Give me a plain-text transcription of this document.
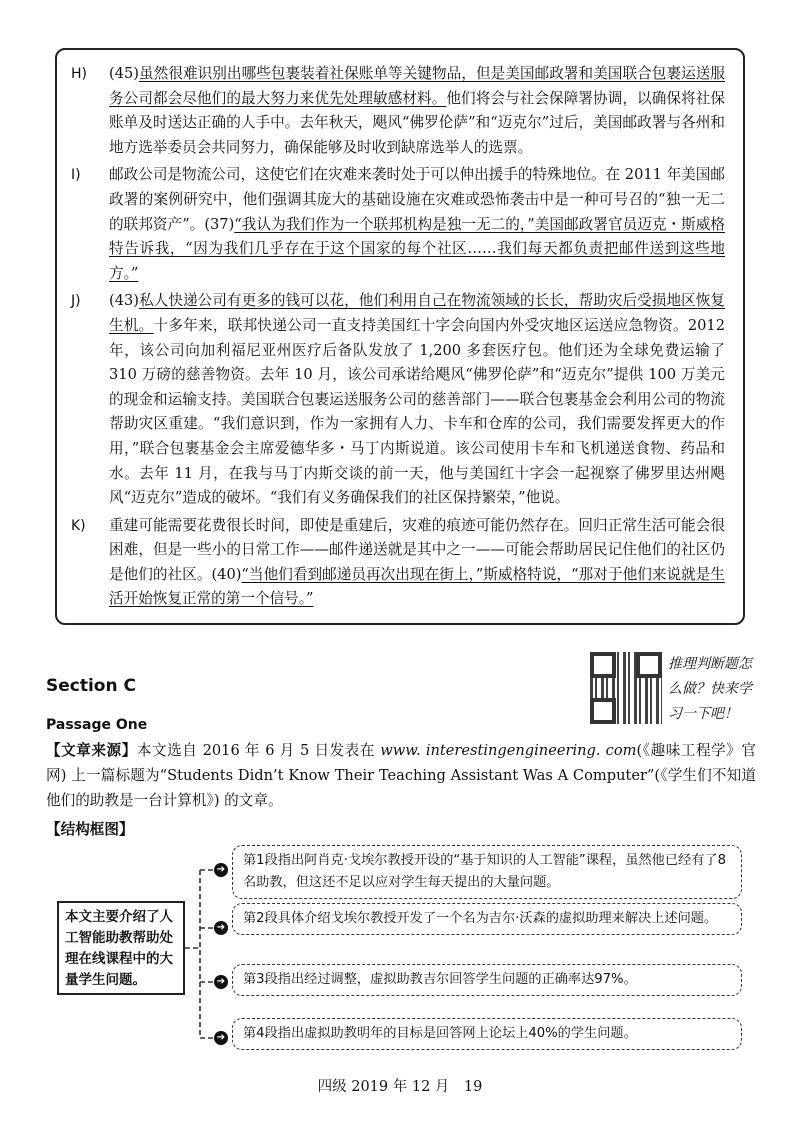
H)	(45)虽然很难识别出哪些包裹装着社保账单等关键物品，但是美国邮政署和美国联合包裹运送服务公司都会尽他们的最大努力来优先处理敏感材料。他们将会与社会保障署协调，以确保将社保账单及时送达正确的人手中。去年秋天，飓风“佛罗伦萨”和“迈克尔”过后，美国邮政署与各州和地方选举委员会共同努力，确保能够及时收到缺席选举人的选票。
I)	邮政公司是物流公司，这使它们在灾难来袭时处于可以伸出援手的特殊地位。在 2011 年美国邮政署的案例研究中，他们强调其庞大的基础设施在灾难或恐怖袭击中是一种可号召的“独一无二的联邦资产”。(37)“我认为我们作为一个联邦机构是独一无二的，”美国邮政署官员迈克・斯威格特告诉我，“因为我们几乎存在于这个国家的每个社区……我们每天都负责把邮件送到这些地方。”
J)	(43)私人快递公司有更多的钱可以花，他们利用自己在物流领域的长长，帮助灾后受损地区恢复生机。十多年来，联邦快递公司一直支持美国红十字会向国内外受灾地区运送应急物资。2012 年，该公司向加利福尼亚州医疗后备队发放了 1,200 多套医疗包。他们还为全球免费运输了 310 万磅的慈善物资。去年 10 月，该公司承诺给飓风“佛罗伦萨”和“迈克尔”提供 100 万美元的现金和运输支持。美国联合包裹运送服务公司的慈善部门——联合包裹基金会利用公司的物流帮助灾区重建。“我们意识到，作为一家拥有人力、卡车和仓库的公司，我们需要发挥更大的作用，”联合包裹基金会主席爱德华多・马丁内斯说道。该公司使用卡车和飞机递送食物、药品和水。去年 11 月，在我与马丁内斯交谈的前一天，他与美国红十字会一起视察了佛罗里达州飓风“迈克尔”造成的破坏。“我们有义务确保我们的社区保持繁荣，”他说。
K)	重建可能需要花费很长时间，即使是重建后，灾难的痕迹可能仍然存在。回归正常生活可能会很困难，但是一些小的日常工作——邮件递送就是其中之一——可能会帮助居民记住他们的社区仍是他们的社区。(40)“当他们看到邮递员再次出现在街上，”斯威格特说，“那对于他们来说就是生活开始恢复正常的第一个信号。”
Section C
推理判断题怎么做？快来学习一下吧！
Passage One
【文章来源】本文选自 2016 年 6 月 5 日发表在 www. interestingengineering. com(《趣味工程学》官网) 上一篇标题为“Students Didn’t Know Their Teaching Assistant Was A Computer”(《学生们不知道他们的助教是一台计算机》) 的文章。
【结构框图】
本文主要介绍了人工智能助教帮助处理在线课程中的大量学生问题。
➔
第1段指出阿肖克·戈埃尔教授开设的“基于知识的人工智能”课程，虽然他已经有了8名助教，但这还不足以应对学生每天提出的大量问题。
➔
第2段具体介绍戈埃尔教授开发了一个名为吉尔·沃森的虚拟助理来解决上述问题。
➔	第3段指出经过调整，虚拟助教吉尔回答学生问题的正确率达97%。
➔	第4段指出虚拟助教明年的目标是回答网上论坛上40%的学生问题。
四级 2019 年 12 月　19
